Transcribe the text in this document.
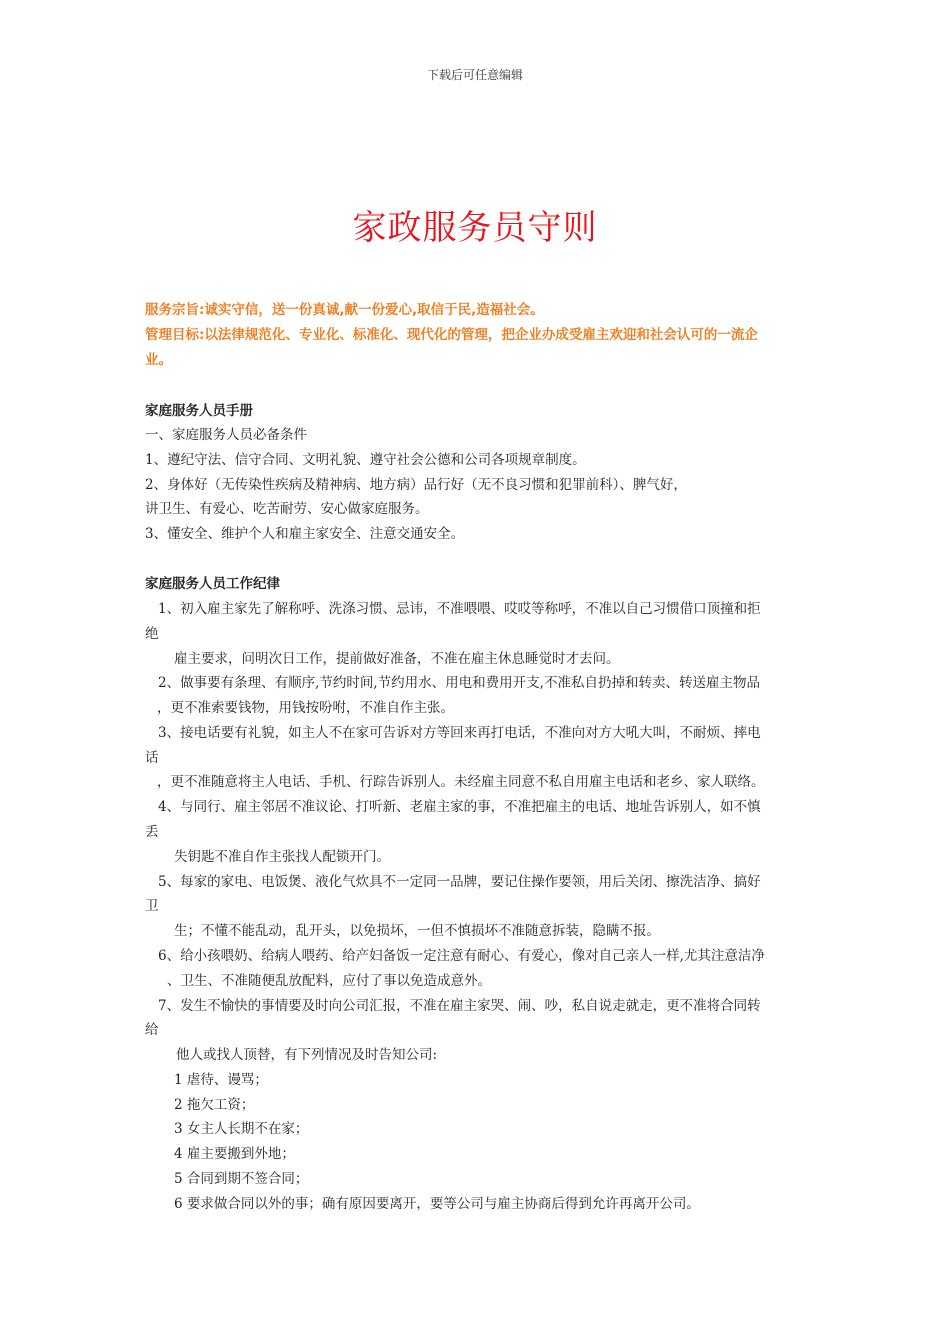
下载后可任意编辑
家政服务员守则
服务宗旨:诚实守信，送一份真诚,献一份爱心,取信于民,造福社会。
管理目标:以法律规范化、专业化、标准化、现代化的管理，把企业办成受雇主欢迎和社会认可的一流企
业。
家庭服务人员手册
一、家庭服务人员必备条件
1、遵纪守法、信守合同、文明礼貌、遵守社会公德和公司各项规章制度。
2、身体好（无传染性疾病及精神病、地方病）品行好（无不良习惯和犯罪前科）、脾气好，
讲卫生、有爱心、吃苦耐劳、安心做家庭服务。
3、懂安全、维护个人和雇主家安全、注意交通安全。
家庭服务人员工作纪律
1、初入雇主家先了解称呼、洗涤习惯、忌讳，不准喂喂、哎哎等称呼，不准以自己习惯借口顶撞和拒
绝
雇主要求，问明次日工作，提前做好准备，不准在雇主休息睡觉时才去问。
2、做事要有条理、有顺序,节约时间,节约用水、用电和费用开支,不准私自扔掉和转卖、转送雇主物品
，更不准索要钱物，用钱按吩咐，不准自作主张。
3、接电话要有礼貌，如主人不在家可告诉对方等回来再打电话，不准向对方大吼大叫，不耐烦、摔电
话
，更不准随意将主人电话、手机、行踪告诉别人。未经雇主同意不私自用雇主电话和老乡、家人联络。
4、与同行、雇主邻居不准议论、打听新、老雇主家的事，不准把雇主的电话、地址告诉别人，如不慎
丢
失钥匙不准自作主张找人配锁开门。
5、每家的家电、电饭煲、液化气炊具不一定同一品牌，要记住操作要领，用后关闭、擦洗洁净、搞好
卫
生；不懂不能乱动，乱开头，以免损坏，一但不慎损坏不准随意拆装，隐瞒不报。
6、给小孩喂奶、给病人喂药、给产妇备饭一定注意有耐心、有爱心，像对自己亲人一样,尤其注意洁净
、卫生、不准随便乱放配料，应付了事以免造成意外。
7、发生不愉快的事情要及时向公司汇报，不准在雇主家哭、闹、吵，私自说走就走，更不准将合同转
给
他人或找人顶替，有下列情况及时告知公司:
1 虐待、谩骂；
2 拖欠工资；
3 女主人长期不在家；
4 雇主要搬到外地；
5 合同到期不签合同；
6 要求做合同以外的事；确有原因要离开，要等公司与雇主协商后得到允许再离开公司。
